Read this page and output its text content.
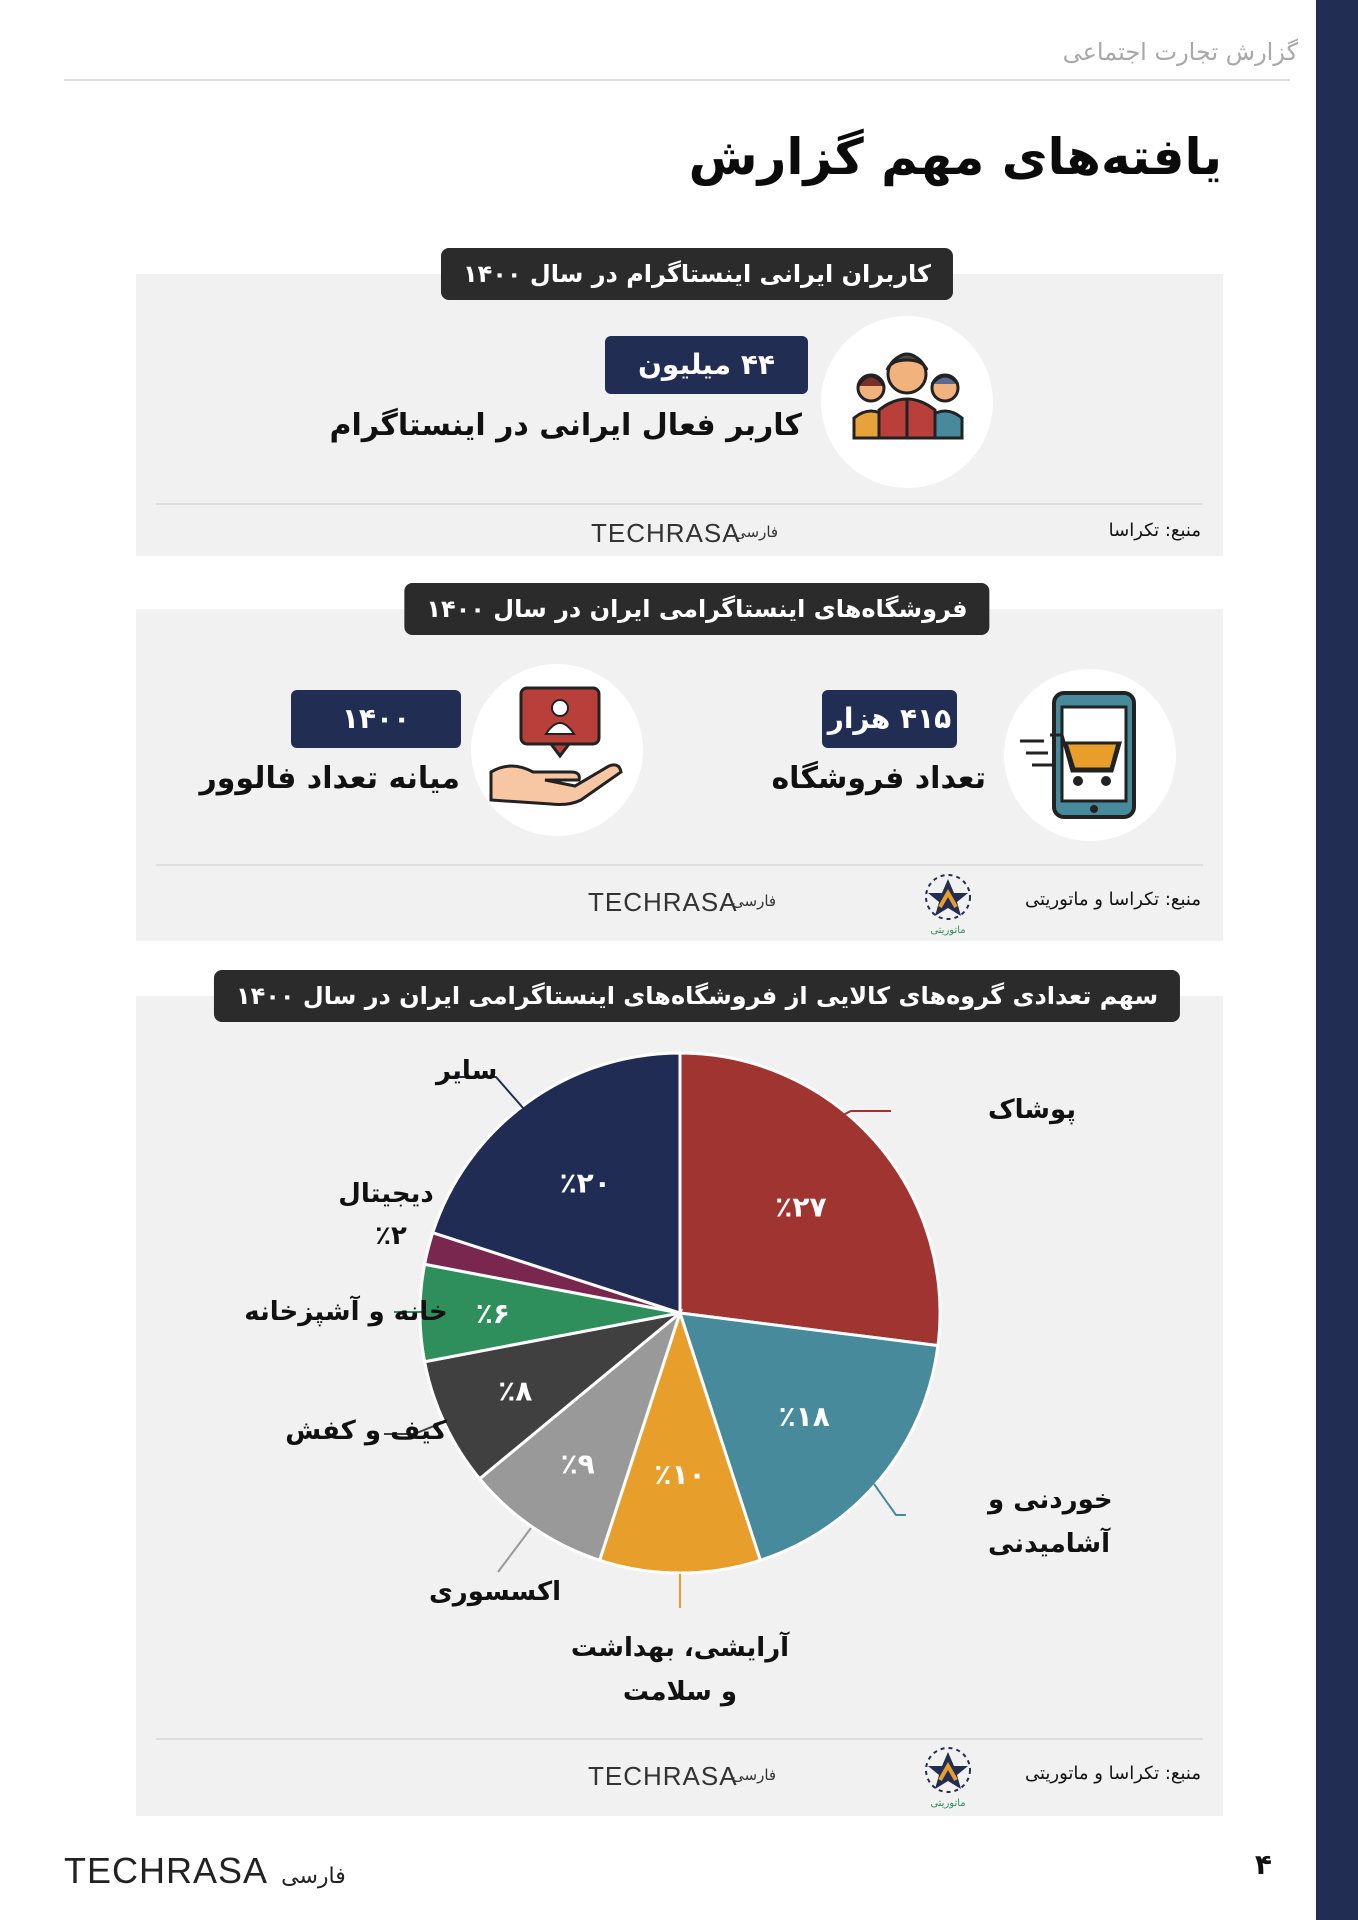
گزارش تجارت اجتماعی
یافته‌های مهم گزارش
کاربران ایرانی اینستاگرام در سال ۱۴۰۰
۴۴ میلیون
کاربر فعال ایرانی در اینستاگرام
منبع: تکراسا
TECHRASA
فارسی
فروشگاه‌های اینستاگرامی ایران در سال ۱۴۰۰
۴۱۵ هزار
تعداد فروشگاه
۱۴۰۰
میانه تعداد فالوور
منبع: تکراسا و ماتوریتی
ماتوریتی
TECHRASA
فارسی
سهم تعدادی گروه‌های کالایی از فروشگاه‌های اینستاگرامی ایران در سال ۱۴۰۰
٪۲۷
٪۱۸
٪۱۰
٪۹
٪۸
٪۶
٪۲۰
پوشاک
خوردنی و آشامیدنی
آرایشی، بهداشت و سلامت
اکسسوری
کیف و کفش
خانه و آشپزخانه
دیجیتال
٪۲
سایر
منبع: تکراسا و ماتوریتی
ماتوریتی
TECHRASA
فارسی
TECHRASA فارسی	۴
